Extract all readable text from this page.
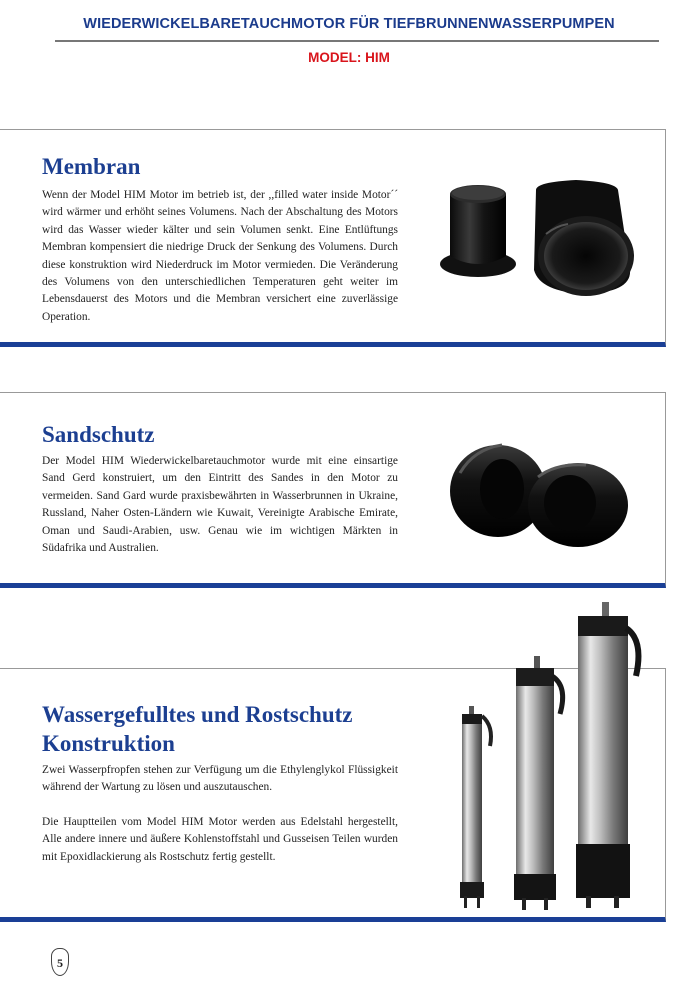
WIEDERWICKELBARETAUCHMOTOR FÜR TIEFBRUNNENWASSERPUMPEN
MODEL: HIM
Membran

Wenn der Model HIM Motor im betrieb ist, der ,,filled water inside Motor´´ wird wärmer und erhöht seines Volumens. Nach der Abschaltung des Motors wird das Wasser wieder kälter und sein Volumen senkt. Eine Entlüftungs Membran kompensiert die niedrige Druck der Senkung des Volumens. Durch diese konstruktion wird Niederdruck im Motor vermieden. Die Veränderung des Volumens von den unterschiedlichen Temperaturen geht weiter im Lebensdauerst des Motors und die Membran versichert eine zuverlässige Operation.

Sandschutz

Der Model HIM Wiederwickelbaretauchmotor wurde mit eine einsartige Sand Gerd konstruiert, um den Eintritt des Sandes in den Motor zu vermeiden. Sand Gard wurde praxisbewährten in Wasserbrunnen in Ukraine, Russland, Naher Osten-Ländern wie Kuwait, Vereinigte Arabische Emirate, Oman und Saudi-Arabien, usw. Genau wie im wichtigen Märkten in Südafrika und Australien.

Wassergefulltes und Rostschutz
Konstruktion

Zwei Wasserpfropfen stehen zur Verfügung um die Ethylenglykol Flüssigkeit während der Wartung zu lösen und auszutauschen.

Die Hauptteilen vom Model HIM Motor werden aus Edelstahl hergestellt, Alle andere innere und äußere Kohlenstoffstahl und Gusseisen Teilen wurden mit Epoxidlackierung als Rostschutz fertig gestellt.

5
